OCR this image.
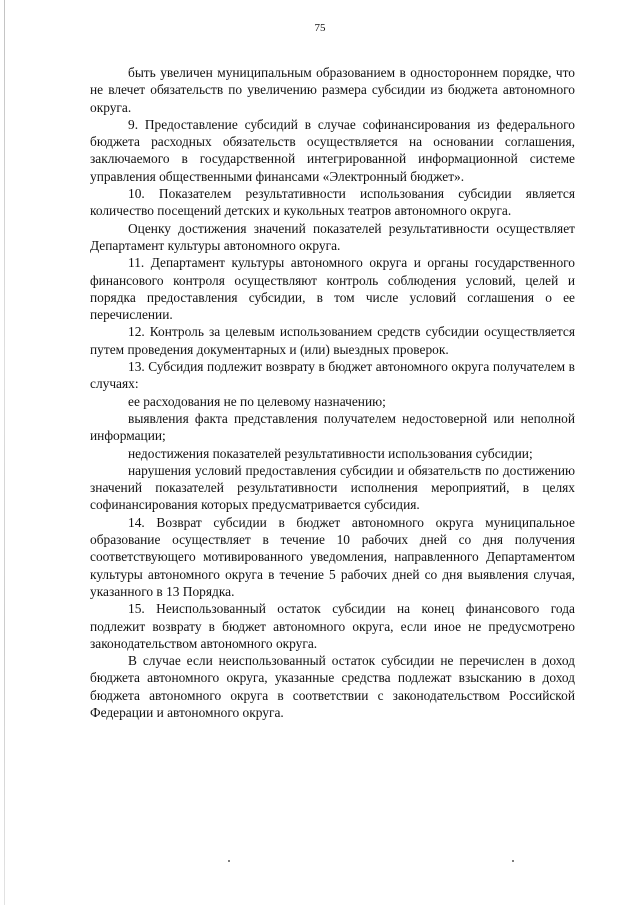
75

быть увеличен муниципальным образованием в одностороннем порядке, что не влечет обязательств по увеличению размера субсидии из бюджета автономного округа.

9. Предоставление субсидий в случае софинансирования из федерального бюджета расходных обязательств осуществляется на основании соглашения, заключаемого в государственной интегрированной информационной системе управления общественными финансами «Электронный бюджет».

10. Показателем результативности использования субсидии является количество посещений детских и кукольных театров автономного округа.

Оценку достижения значений показателей результативности осуществляет Департамент культуры автономного округа.

11. Департамент культуры автономного округа и органы государственного финансового контроля осуществляют контроль соблюдения условий, целей и порядка предоставления субсидии, в том числе условий соглашения о ее перечислении.

12. Контроль за целевым использованием средств субсидии осуществляется путем проведения документарных и (или) выездных проверок.

13. Субсидия подлежит возврату в бюджет автономного округа получателем в случаях:

ее расходования не по целевому назначению;

выявления факта представления получателем недостоверной или неполной информации;

недостижения показателей результативности использования субсидии;

нарушения условий предоставления субсидии и обязательств по достижению значений показателей результативности исполнения мероприятий, в целях софинансирования которых предусматривается субсидия.

14. Возврат субсидии в бюджет автономного округа муниципальное образование осуществляет в течение 10 рабочих дней со дня получения соответствующего мотивированного уведомления, направленного Департаментом культуры автономного округа в течение 5 рабочих дней со дня выявления случая, указанного в 13 Порядка.

15. Неиспользованный остаток субсидии на конец финансового года подлежит возврату в бюджет автономного округа, если иное не предусмотрено законодательством автономного округа.

В случае если неиспользованный остаток субсидии не перечислен в доход бюджета автономного округа, указанные средства подлежат взысканию в доход бюджета автономного округа в соответствии с законодательством Российской Федерации и автономного округа.
